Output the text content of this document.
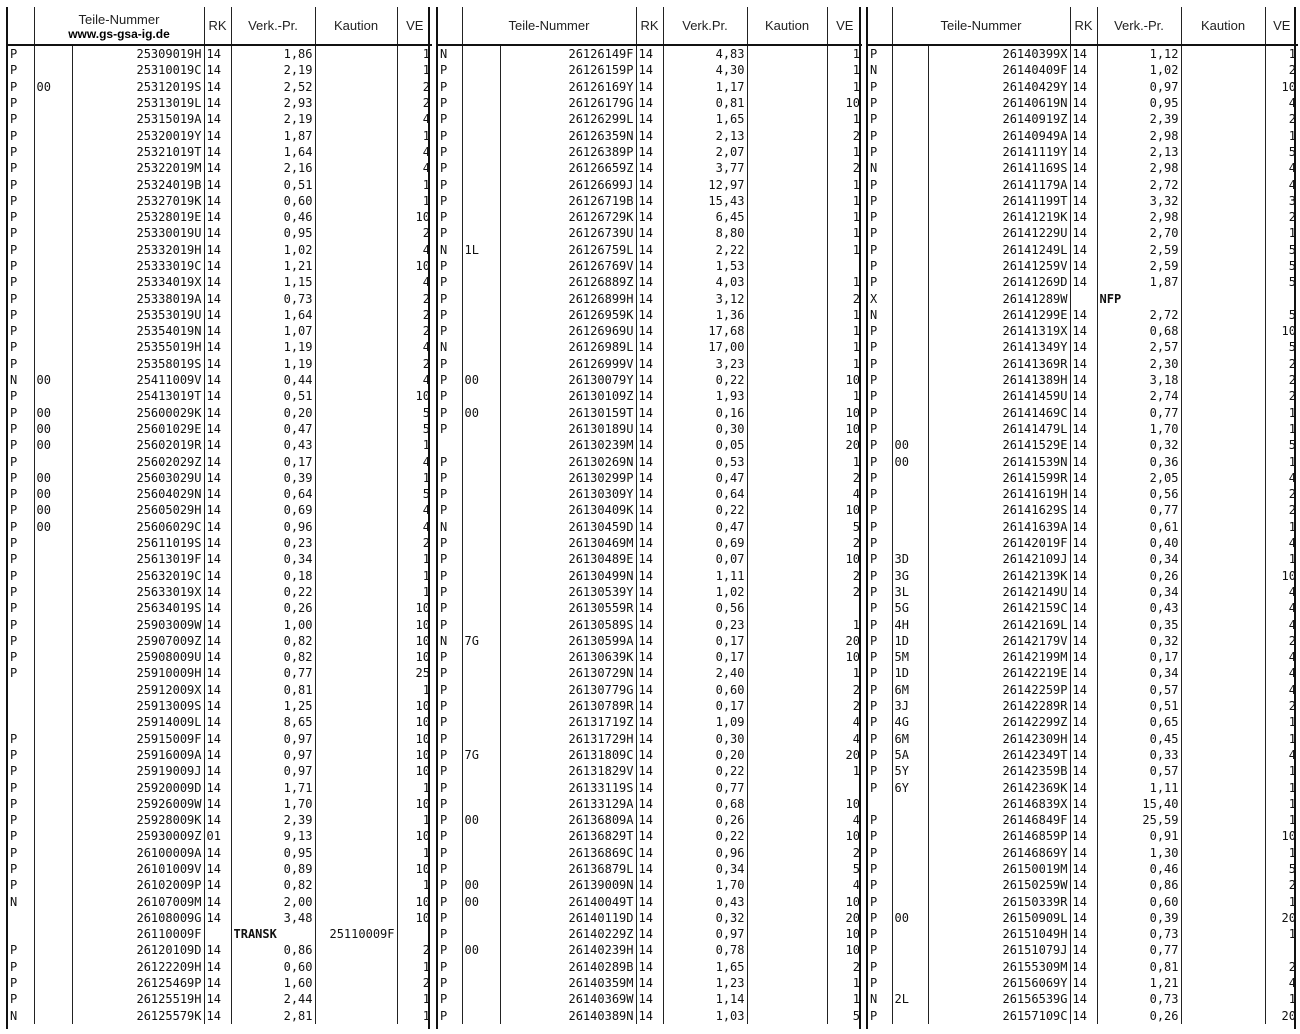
	Teile-Nummer
www.gs-gsa-ig.de		RK	Verk.-Pr.	Kaution	VE
P		25309019H	14	1,86		1
P		25310019C	14	2,19		1
P	00	25312019S	14	2,52		2
P		25313019L	14	2,93		2
P		25315019A	14	2,19		4
P		25320019Y	14	1,87		1
P		25321019T	14	1,64		4
P		25322019M	14	2,16		4
P		25324019B	14	0,51		1
P		25327019K	14	0,60		1
P		25328019E	14	0,46		10
P		25330019U	14	0,95		2
P		25332019H	14	1,02		4
P		25333019C	14	1,21		10
P		25334019X	14	1,15		4
P		25338019A	14	0,73		2
P		25353019U	14	1,64		2
P		25354019N	14	1,07		2
P		25355019H	14	1,19		4
P		25358019S	14	1,19		2
N	00	25411009V	14	0,44		4
P		25413019T	14	0,51		10
P	00	25600029K	14	0,20		5
P	00	25601029E	14	0,47		5
P	00	25602019R	14	0,43		1
P		25602029Z	14	0,17		4
P	00	25603029U	14	0,39		1
P	00	25604029N	14	0,64		5
P	00	25605029H	14	0,69		4
P	00	25606029C	14	0,96		4
P		25611019S	14	0,23		2
P		25613019F	14	0,34		1
P		25632019C	14	0,18		1
P		25633019X	14	0,22		1
P		25634019S	14	0,26		10
P		25903009W	14	1,00		10
P		25907009Z	14	0,82		10
P		25908009U	14	0,82		10
P		25910009H	14	0,77		25
		25912009X	14	0,81		1
		25913009S	14	1,25		10
		25914009L	14	8,65		10
P		25915009F	14	0,97		10
P		25916009A	14	0,97		10
P		25919009J	14	0,97		10
P		25920009D	14	1,71		1
P		25926009W	14	1,70		10
P		25928009K	14	2,39		1
P		25930009Z	01	9,13		10
P		26100009A	14	0,95		1
P		26101009V	14	0,89		10
P		26102009P	14	0,82		1
N		26107009M	14	2,00		10
		26108009G	14	3,48		10
		26110009F		TRANSK	25110009F	
P		26120109D	14	0,86		2
P		26122209H	14	0,60		1
P		26125469P	14	1,60		2
P		26125519H	14	2,44		1
N		26125579K	14	2,81		1
	Teile-Nummer		RK	Verk.Pr.	Kaution	VE
N		26126149F	14	4,83		1
P		26126159P	14	4,30		1
P		26126169Y	14	1,17		1
P		26126179G	14	0,81		10
P		26126299L	14	1,65		1
P		26126359N	14	2,13		2
P		26126389P	14	2,07		1
P		26126659Z	14	3,77		2
P		26126699J	14	12,97		1
P		26126719B	14	15,43		1
P		26126729K	14	6,45		1
P		26126739U	14	8,80		1
N	1L	26126759L	14	2,22		1
P		26126769V	14	1,53		
P		26126889Z	14	4,03		1
P		26126899H	14	3,12		2
P		26126959K	14	1,36		1
P		26126969U	14	17,68		1
N		26126989L	14	17,00		1
P		26126999V	14	3,23		1
P	00	26130079Y	14	0,22		10
P		26130109Z	14	1,93		1
P	00	26130159T	14	0,16		10
P		26130189U	14	0,30		10
		26130239M	14	0,05		20
P		26130269N	14	0,53		1
P		26130299P	14	0,47		2
P		26130309Y	14	0,64		4
P		26130409K	14	0,22		10
N		26130459D	14	0,47		5
P		26130469M	14	0,69		2
P		26130489E	14	0,07		10
P		26130499N	14	1,11		2
P		26130539Y	14	1,02		2
P		26130559R	14	0,56		
P		26130589S	14	0,23		1
N	7G	26130599A	14	0,17		20
P		26130639K	14	0,17		10
P		26130729N	14	2,40		1
P		26130779G	14	0,60		2
P		26130789R	14	0,17		2
P		26131719Z	14	1,09		4
P		26131729H	14	0,30		4
P	7G	26131809C	14	0,20		20
P		26131829V	14	0,22		1
P		26133119S	14	0,77		
P		26133129A	14	0,68		10
P	00	26136809A	14	0,26		4
P		26136829T	14	0,22		10
P		26136869C	14	0,96		2
P		26136879L	14	0,34		5
P	00	26139009N	14	1,70		4
P	00	26140049T	14	0,43		10
P		26140119D	14	0,32		20
P		26140229Z	14	0,97		10
P	00	26140239H	14	0,78		10
P		26140289B	14	1,65		2
P		26140359M	14	1,23		1
P		26140369W	14	1,14		1
P		26140389N	14	1,03		5
	Teile-Nummer		RK	Verk.-Pr.	Kaution	VE
P		26140399X	14	1,12		1
N		26140409F	14	1,02		2
P		26140429Y	14	0,97		10
P		26140619N	14	0,95		4
P		26140919Z	14	2,39		2
P		26140949A	14	2,98		1
P		26141119Y	14	2,13		5
N		26141169S	14	2,98		4
P		26141179A	14	2,72		4
P		26141199T	14	3,32		3
P		26141219K	14	2,98		2
P		26141229U	14	2,70		1
P		26141249L	14	2,59		5
P		26141259V	14	2,59		5
P		26141269D	14	1,87		5
X		26141289W		NFP		
N		26141299E	14	2,72		5
P		26141319X	14	0,68		10
P		26141349Y	14	2,57		5
P		26141369R	14	2,30		2
P		26141389H	14	3,18		2
P		26141459U	14	2,74		2
P		26141469C	14	0,77		1
P		26141479L	14	1,70		1
P	00	26141529E	14	0,32		5
P	00	26141539N	14	0,36		1
P		26141599R	14	2,05		4
P		26141619H	14	0,56		2
P		26141629S	14	0,77		2
P		26141639A	14	0,61		1
P		26142019F	14	0,40		4
P	3D	26142109J	14	0,34		1
P	3G	26142139K	14	0,26		10
P	3L	26142149U	14	0,34		4
P	5G	26142159C	14	0,43		4
P	4H	26142169L	14	0,35		4
P	1D	26142179V	14	0,32		2
P	5M	26142199M	14	0,17		4
P	1D	26142219E	14	0,34		4
P	6M	26142259P	14	0,57		4
P	3J	26142289R	14	0,51		2
P	4G	26142299Z	14	0,65		1
P	6M	26142309H	14	0,45		1
P	5A	26142349T	14	0,33		4
P	5Y	26142359B	14	0,57		1
P	6Y	26142369K	14	1,11		1
		26146839X	14	15,40		1
P		26146849F	14	25,59		1
P		26146859P	14	0,91		10
P		26146869Y	14	1,30		1
P		26150019M	14	0,46		5
P		26150259W	14	0,86		2
P		26150339R	14	0,60		1
P	00	26150909L	14	0,39		20
P		26151049H	14	0,73		1
P		26151079J	14	0,77		
P		26155309M	14	0,81		2
P		26156069Y	14	1,21		4
N	2L	26156539G	14	0,73		1
P		26157109C	14	0,26		20
